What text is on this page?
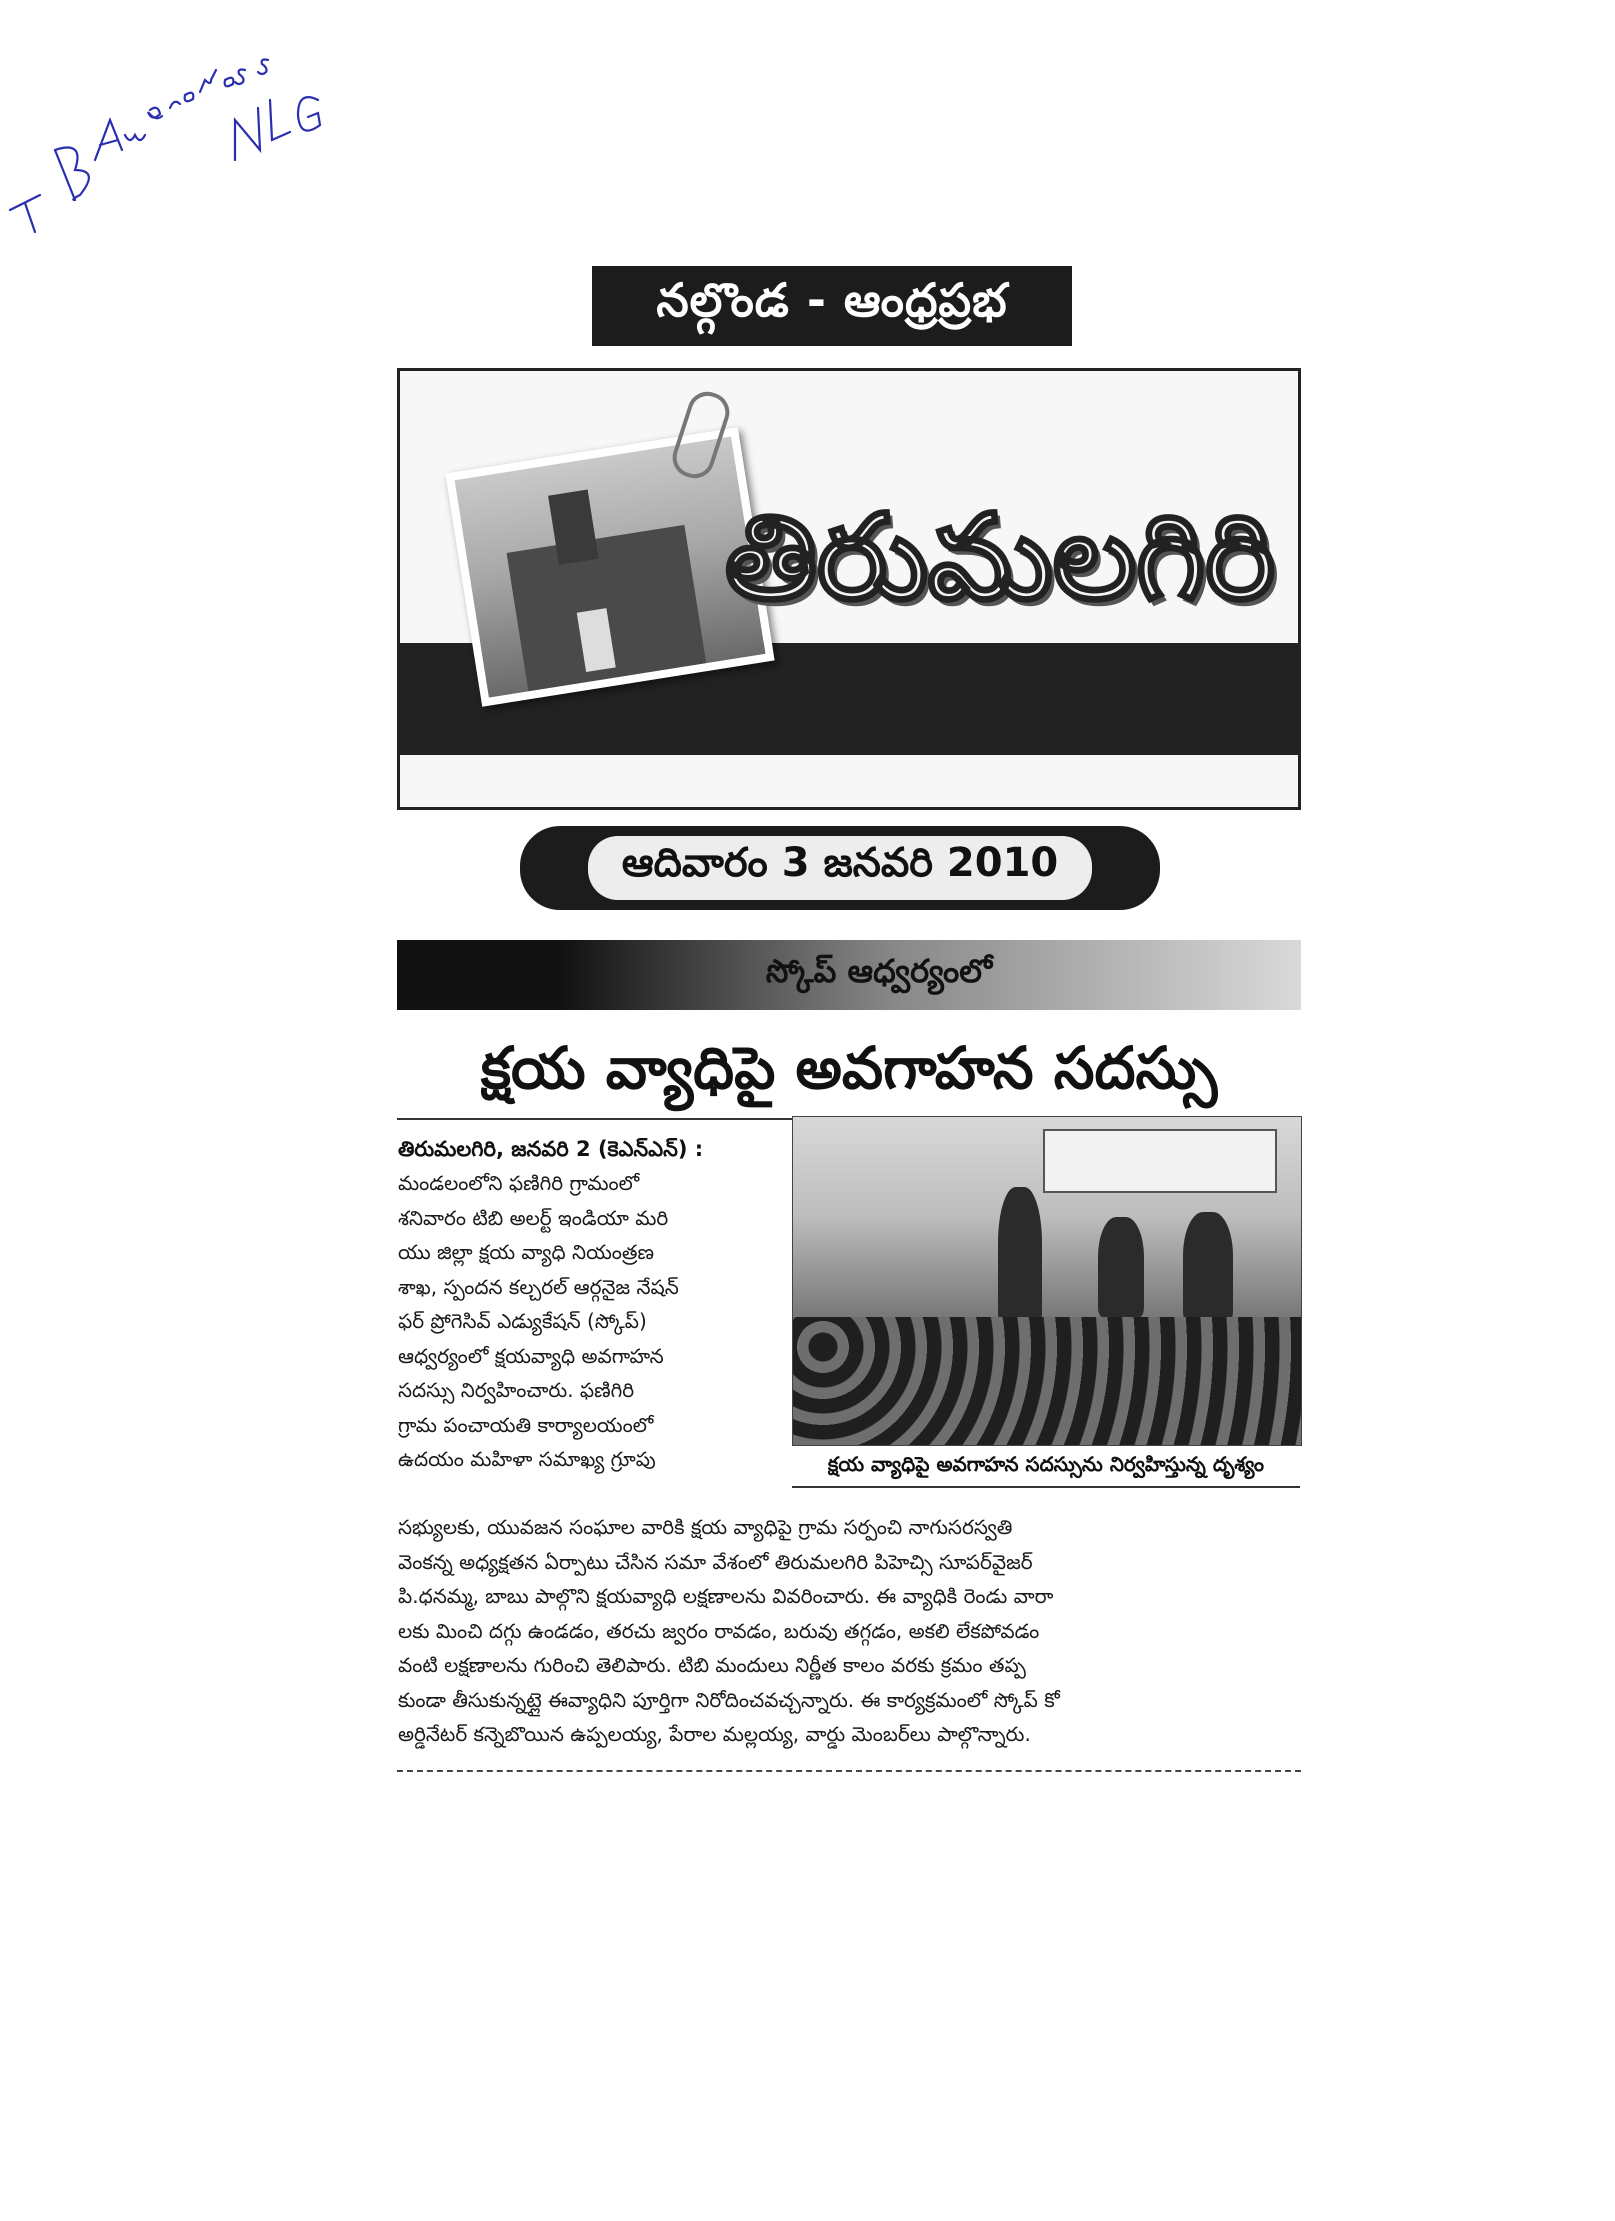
నల్గొండ - ఆంధ్రప్రభ
తిరుమలగిరి
ఆదివారం 3 జనవరి 2010
స్కోప్ ఆధ్వర్యంలో
క్షయ వ్యాధిపై అవగాహన సదస్సు
తిరుమలగిరి, జనవరి 2 (కెఎన్ఎన్) :
మండలంలోని ఫణిగిరి గ్రామంలో
శనివారం టిబి అలర్ట్ ఇండియా మరి
యు జిల్లా క్షయ వ్యాధి నియంత్రణ
శాఖ, స్పందన కల్చరల్ ఆర్గనైజ నేషన్
ఫర్ ప్రోగెసివ్ ఎడ్యుకేషన్ (స్కోప్)
ఆధ్వర్యంలో క్షయవ్యాధి అవగాహన
సదస్సు నిర్వహించారు. ఫణిగిరి
గ్రామ పంచాయతి కార్యాలయంలో
ఉదయం మహిళా సమాఖ్య గ్రూపు	క్షయ వ్యాధిపై అవగాహన సదస్సును నిర్వహిస్తున్న దృశ్యం
సభ్యులకు, యువజన సంఘాల వారికి క్షయ వ్యాధిపై గ్రామ సర్పంచి నాగుసరస్వతి
వెంకన్న అధ్యక్షతన ఏర్పాటు చేసిన సమా వేశంలో తిరుమలగిరి పిహెచ్సి సూపర్‌వైజర్
పి.ధనమ్మ, బాబు పాల్గొని క్షయవ్యాధి లక్షణాలను వివరించారు. ఈ వ్యాధికి రెండు వారా
లకు మించి దగ్గు ఉండడం, తరచు జ్వరం రావడం, బరువు తగ్గడం, అకలి లేకపోవడం
వంటి లక్షణాలను గురించి తెలిపారు. టిబి మందులు నిర్ణీత కాలం వరకు క్రమం తప్ప
కుండా తీసుకున్నట్లై ఈవ్యాధిని పూర్తిగా నిరోదించవచ్చన్నారు. ఈ కార్యక్రమంలో స్కోప్ కో
అర్డినేటర్ కన్నెబొయిన ఉప్పలయ్య, పేరాల మల్లయ్య, వార్డు మెంబర్‌లు పాల్గొన్నారు.
